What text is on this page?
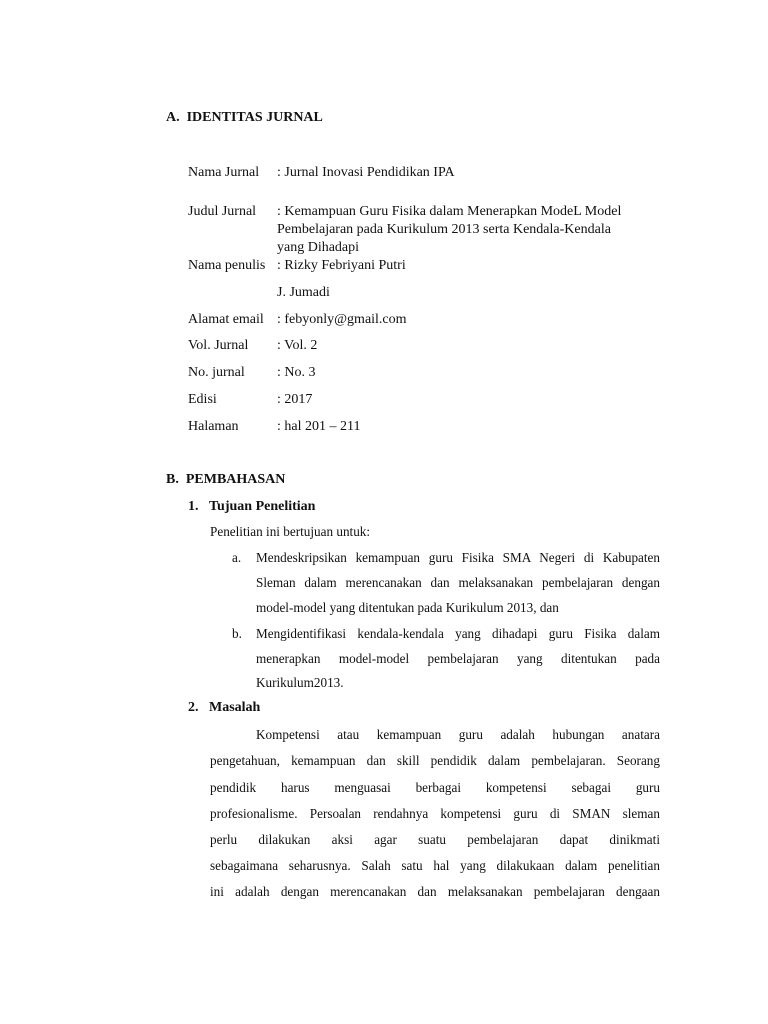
A.  IDENTITAS JURNAL
Nama Jurnal : Jurnal Inovasi Pendidikan IPA
Judul Jurnal : Kemampuan Guru Fisika dalam Menerapkan ModeL Model
Pembelajaran pada Kurikulum 2013 serta Kendala-Kendala
yang Dihadapi
Nama penulis : Rizky Febriyani Putri
J. Jumadi
Alamat email : febyonly@gmail.com
Vol. Jurnal : Vol. 2
No. jurnal : No. 3
Edisi	: 2017
Halaman	: hal 201 – 211
B.  PEMBAHASAN
1.   Tujuan Penelitian
Penelitian ini bertujuan untuk:
a. Mendeskripsikan kemampuan guru Fisika SMA Negeri di Kabupaten
Sleman dalam merencanakan dan melaksanakan pembelajaran dengan
model-model yang ditentukan pada Kurikulum 2013, dan
b. Mengidentifikasi kendala-kendala yang dihadapi guru Fisika dalam
menerapkan model-model pembelajaran yang ditentukan pada
Kurikulum2013.
2.   Masalah
Kompetensi atau kemampuan guru adalah hubungan anatara
pengetahuan, kemampuan dan skill pendidik dalam pembelajaran. Seorang
pendidik harus menguasai berbagai kompetensi sebagai guru
profesionalisme. Persoalan rendahnya kompetensi guru di SMAN sleman
perlu dilakukan aksi agar suatu pembelajaran dapat dinikmati
sebagaimana seharusnya. Salah satu hal yang dilakukaan dalam penelitian
ini adalah dengan merencanakan dan melaksanakan pembelajaran dengaan
